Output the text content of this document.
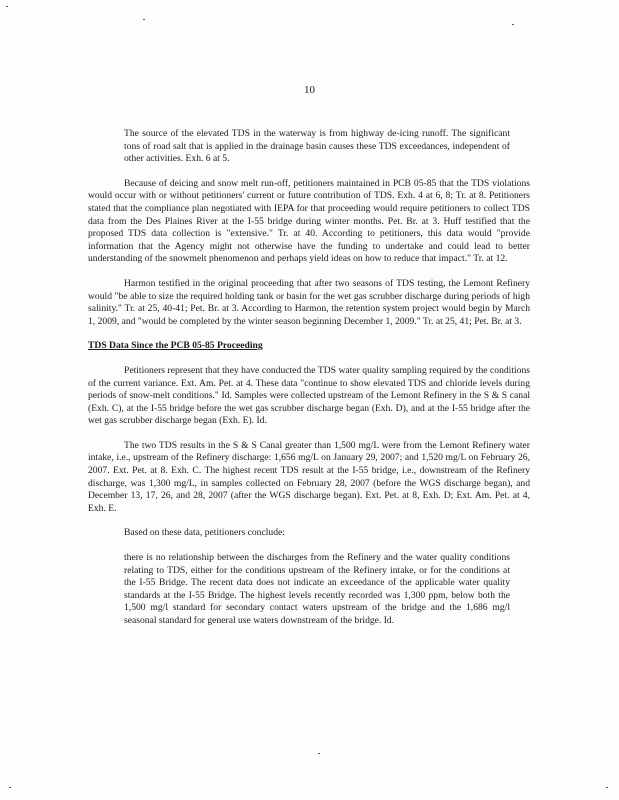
10

The source of the elevated TDS in the waterway is from highway de-icing runoff. The significant tons of road salt that is applied in the drainage basin causes these TDS exceedances, independent of other activities. Exh. 6 at 5.

Because of deicing and snow melt run-off, petitioners maintained in PCB 05-85 that the TDS violations would occur with or without petitioners' current or future contribution of TDS. Exh. 4 at 6, 8; Tr. at 8. Petitioners stated that the compliance plan negotiated with IEPA for that proceeding would require petitioners to collect TDS data from the Des Plaines River at the I-55 bridge during winter months. Pet. Br. at 3. Huff testified that the proposed TDS data collection is "extensive." Tr. at 40. According to petitioners, this data would "provide information that the Agency might not otherwise have the funding to undertake and could lead to better understanding of the snowmelt phenomenon and perhaps yield ideas on how to reduce that impact." Tr. at 12.

Harmon testified in the original proceeding that after two seasons of TDS testing, the Lemont Refinery would "be able to size the required holding tank or basin for the wet gas scrubber discharge during periods of high salinity." Tr. at 25, 40-41; Pet. Br. at 3. According to Harmon, the retention system project would begin by March 1, 2009, and "would be completed by the winter season beginning December 1, 2009." Tr. at 25, 41; Pet. Br. at 3.

TDS Data Since the PCB 05-85 Proceeding

Petitioners represent that they have conducted the TDS water quality sampling required by the conditions of the current variance. Ext. Am. Pet. at 4. These data "continue to show elevated TDS and chloride levels during periods of snow-melt conditions." Id. Samples were collected upstream of the Lemont Refinery in the S & S canal (Exh. C), at the I-55 bridge before the wet gas scrubber discharge began (Exh. D), and at the I-55 bridge after the wet gas scrubber discharge began (Exh. E). Id.

The two TDS results in the S & S Canal greater than 1,500 mg/L were from the Lemont Refinery water intake, i.e., upstream of the Refinery discharge: 1,656 mg/L on January 29, 2007; and 1,520 mg/L on February 26, 2007. Ext. Pet. at 8. Exh. C. The highest recent TDS result at the I-55 bridge, i.e., downstream of the Refinery discharge, was 1,300 mg/L, in samples collected on February 28, 2007 (before the WGS discharge began), and December 13, 17, 26, and 28, 2007 (after the WGS discharge began). Ext. Pet. at 8, Exh. D; Ext. Am. Pet. at 4, Exh. E.

Based on these data, petitioners conclude:

there is no relationship between the discharges from the Refinery and the water quality conditions relating to TDS, either for the conditions upstream of the Refinery intake, or for the conditions at the I-55 Bridge. The recent data does not indicate an exceedance of the applicable water quality standards at the I-55 Bridge. The highest levels recently recorded was 1,300 ppm, below both the 1,500 mg/l standard for secondary contact waters upstream of the bridge and the 1,686 mg/l seasonal standard for general use waters downstream of the bridge. Id.
